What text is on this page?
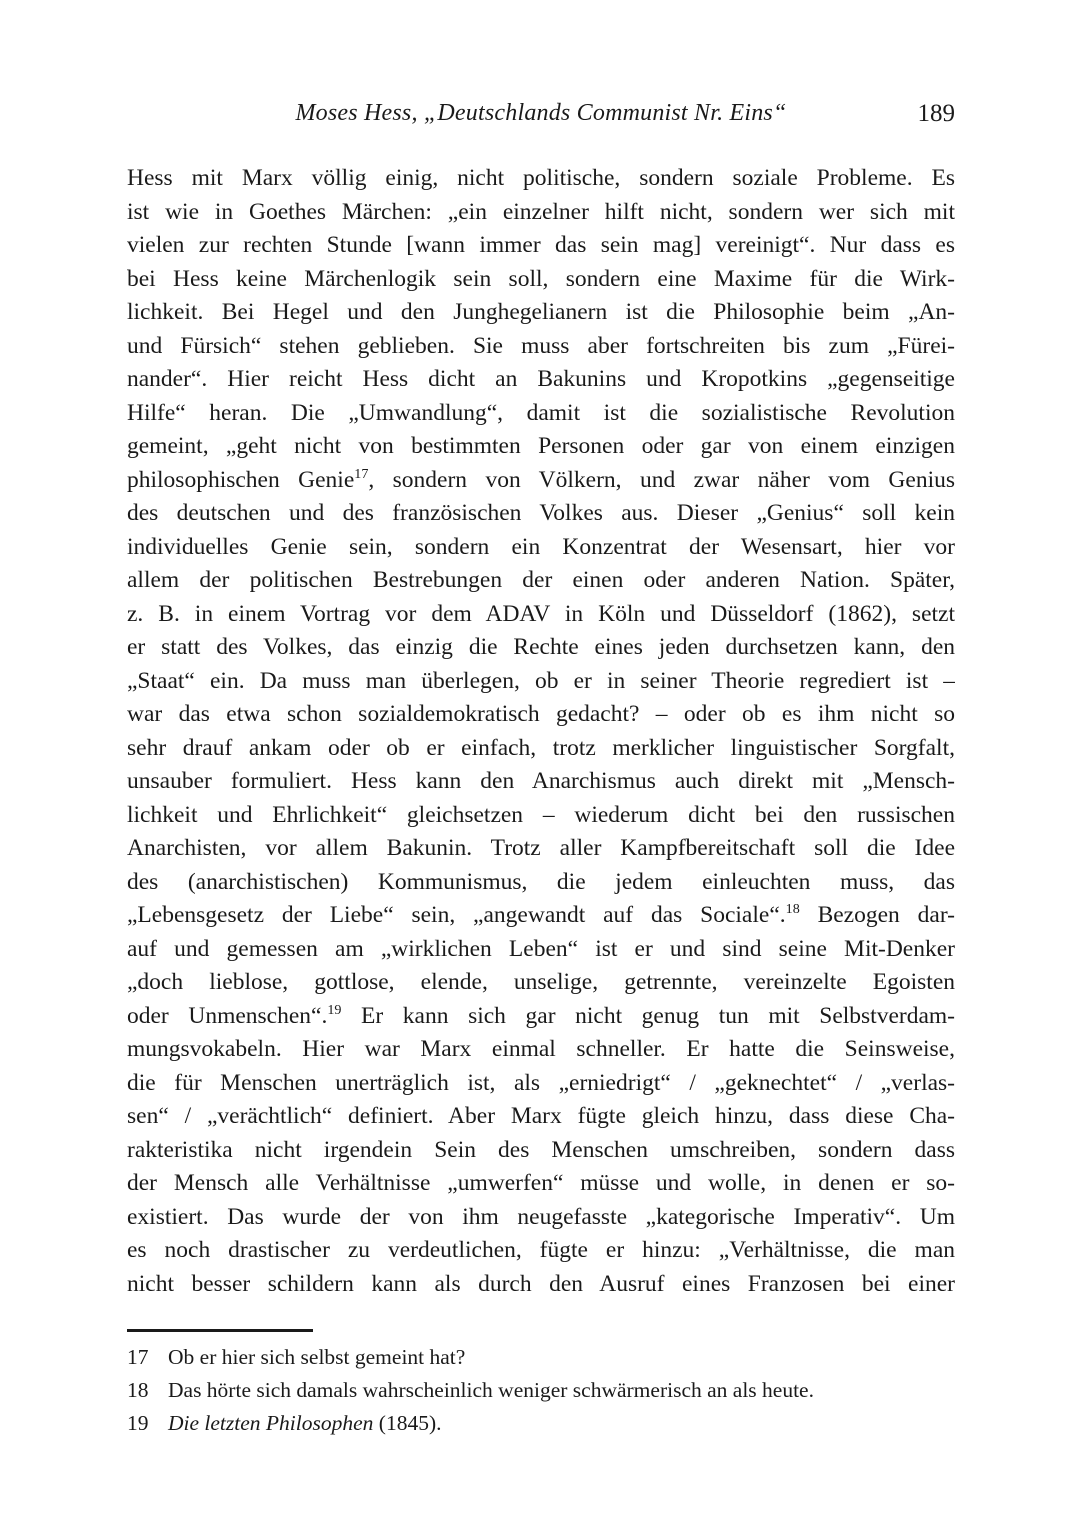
Moses Hess, „Deutschlands Communist Nr. Eins“	189
Hess mit Marx völlig einig, nicht politische, sondern soziale Probleme. Es
ist wie in Goethes Märchen: „ein einzelner hilft nicht, sondern wer sich mit
vielen zur rechten Stunde [wann immer das sein mag] vereinigt“. Nur dass es
bei Hess keine Märchenlogik sein soll, sondern eine Maxime für die Wirk-
lichkeit. Bei Hegel und den Junghegelianern ist die Philosophie beim „An-
und Fürsich“ stehen geblieben. Sie muss aber fortschreiten bis zum „Fürei-
nander“. Hier reicht Hess dicht an Bakunins und Kropotkins „gegenseitige
Hilfe“ heran. Die „Umwandlung“, damit ist die sozialistische Revolution
gemeint, „geht nicht von bestimmten Personen oder gar von einem einzigen
philosophischen Genie$^{17}$, sondern von Völkern, und zwar näher vom Genius
des deutschen und des französischen Volkes aus. Dieser „Genius“ soll kein
individuelles Genie sein, sondern ein Konzentrat der Wesensart, hier vor
allem der politischen Bestrebungen der einen oder anderen Nation. Später,
z. B. in einem Vortrag vor dem ADAV in Köln und Düsseldorf (1862), setzt
er statt des Volkes, das einzig die Rechte eines jeden durchsetzen kann, den
„Staat“ ein. Da muss man überlegen, ob er in seiner Theorie regrediert ist –
war das etwa schon sozialdemokratisch gedacht? – oder ob es ihm nicht so
sehr drauf ankam oder ob er einfach, trotz merklicher linguistischer Sorgfalt,
unsauber formuliert. Hess kann den Anarchismus auch direkt mit „Mensch-
lichkeit und Ehrlichkeit“ gleichsetzen – wiederum dicht bei den russischen
Anarchisten, vor allem Bakunin. Trotz aller Kampfbereitschaft soll die Idee
des (anarchistischen) Kommunismus, die jedem einleuchten muss, das
„Lebensgesetz der Liebe“ sein, „angewandt auf das Sociale“.$^{18}$ Bezogen dar-
auf und gemessen am „wirklichen Leben“ ist er und sind seine Mit-Denker
„doch lieblose, gottlose, elende, unselige, getrennte, vereinzelte Egoisten
oder Unmenschen“.$^{19}$ Er kann sich gar nicht genug tun mit Selbstverdam-
mungsvokabeln. Hier war Marx einmal schneller. Er hatte die Seinsweise,
die für Menschen unerträglich ist, als „erniedrigt“ / „geknechtet“ / „verlas-
sen“ / „verächtlich“ definiert. Aber Marx fügte gleich hinzu, dass diese Cha-
rakteristika nicht irgendein Sein des Menschen umschreiben, sondern dass
der Mensch alle Verhältnisse „umwerfen“ müsse und wolle, in denen er so-
existiert. Das wurde der von ihm neugefasste „kategorische Imperativ“. Um
es noch drastischer zu verdeutlichen, fügte er hinzu: „Verhältnisse, die man
nicht besser schildern kann als durch den Ausruf eines Franzosen bei einer
17 Ob er hier sich selbst gemeint hat?
18 Das hörte sich damals wahrscheinlich weniger schwärmerisch an als heute.
19 Die letzten Philosophen (1845).
